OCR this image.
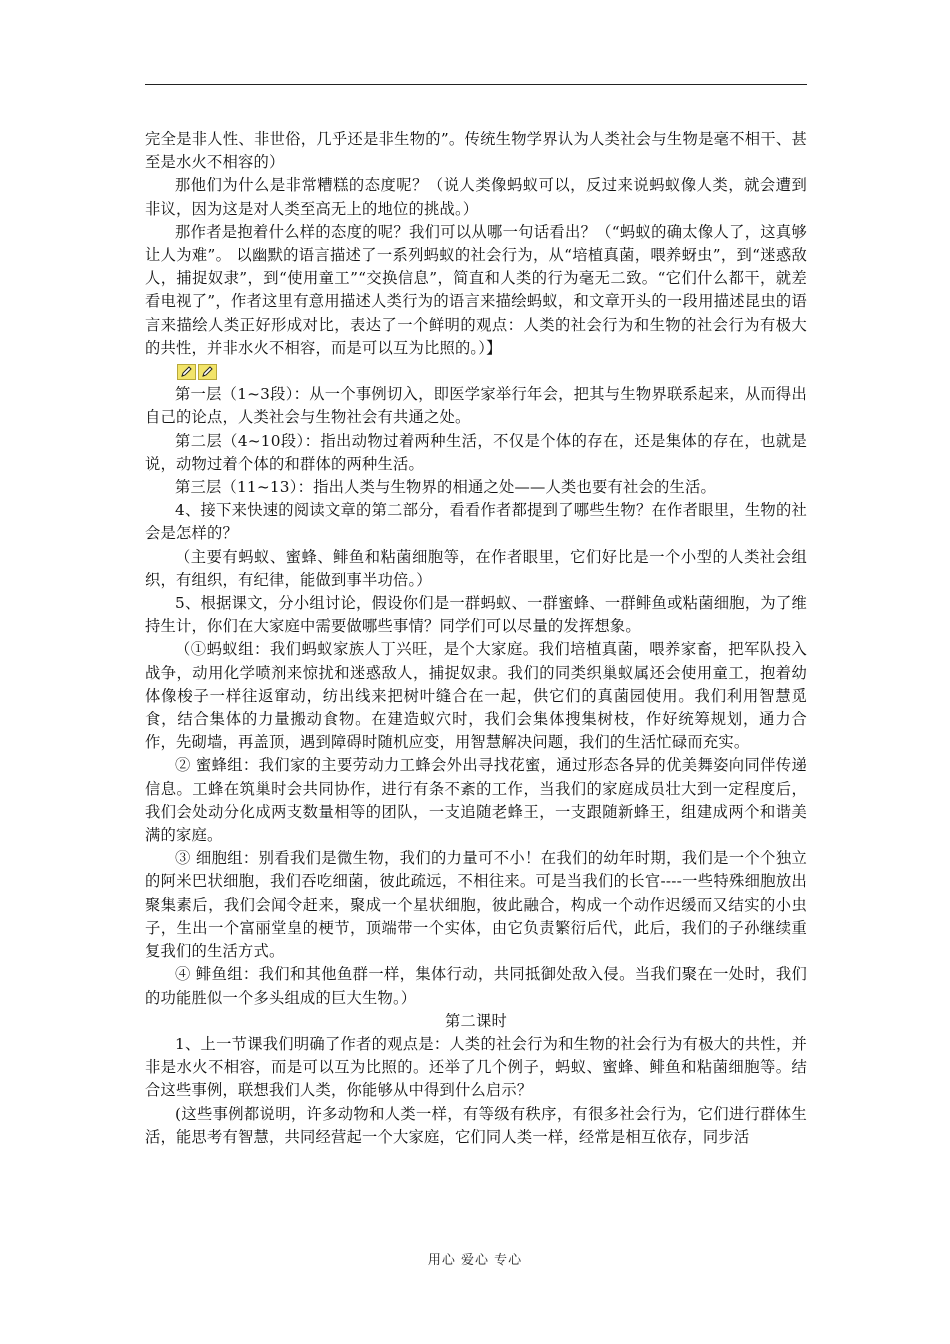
完全是非人性、非世俗，几乎还是非生物的”。传统生物学界认为人类社会与生物是毫不相干、甚至是水火不相容的）

那他们为什么是非常糟糕的态度呢？（说人类像蚂蚁可以，反过来说蚂蚁像人类，就会遭到非议，因为这是对人类至高无上的地位的挑战。）

那作者是抱着什么样的态度的呢？我们可以从哪一句话看出？（“蚂蚁的确太像人了，这真够让人为难”。 以幽默的语言描述了一系列蚂蚁的社会行为，从“培植真菌，喂养蚜虫”，到“迷惑敌人，捕捉奴隶”，到“使用童工”“交换信息”，简直和人类的行为毫无二致。“它们什么都干，就差看电视了”，作者这里有意用描述人类行为的语言来描绘蚂蚁，和文章开头的一段用描述昆虫的语言来描绘人类正好形成对比，表达了一个鲜明的观点：人类的社会行为和生物的社会行为有极大的共性，并非水火不相容，而是可以互为比照的。）】

第一层（1~3段）：从一个事例切入，即医学家举行年会，把其与生物界联系起来，从而得出自己的论点，人类社会与生物社会有共通之处。

第二层（4~10段）：指出动物过着两种生活，不仅是个体的存在，还是集体的存在，也就是说，动物过着个体的和群体的两种生活。

第三层（11~13）：指出人类与生物界的相通之处——人类也要有社会的生活。

4、接下来快速的阅读文章的第二部分，看看作者都提到了哪些生物？在作者眼里，生物的社会是怎样的？

（主要有蚂蚁、蜜蜂、鲱鱼和粘菌细胞等，在作者眼里，它们好比是一个小型的人类社会组织，有组织，有纪律，能做到事半功倍。）

5、根据课文，分小组讨论，假设你们是一群蚂蚁、一群蜜蜂、一群鲱鱼或粘菌细胞，为了维持生计，你们在大家庭中需要做哪些事情？同学们可以尽量的发挥想象。

（①蚂蚁组：我们蚂蚁家族人丁兴旺，是个大家庭。我们培植真菌，喂养家畜，把军队投入战争，动用化学喷剂来惊扰和迷惑敌人，捕捉奴隶。我们的同类织巢蚁属还会使用童工，抱着幼体像梭子一样往返窜动，纺出线来把树叶缝合在一起，供它们的真菌园使用。我们利用智慧觅食，结合集体的力量搬动食物。在建造蚁穴时，我们会集体搜集树枝，作好统筹规划，通力合作，先砌墙，再盖顶，遇到障碍时随机应变，用智慧解决问题，我们的生活忙碌而充实。

② 蜜蜂组：我们家的主要劳动力工蜂会外出寻找花蜜，通过形态各异的优美舞姿向同伴传递信息。工蜂在筑巢时会共同协作，进行有条不紊的工作，当我们的家庭成员壮大到一定程度后，我们会处动分化成两支数量相等的团队，一支追随老蜂王，一支跟随新蜂王，组建成两个和谐美满的家庭。

③ 细胞组：别看我们是微生物，我们的力量可不小！在我们的幼年时期，我们是一个个独立的阿米巴状细胞，我们吞吃细菌，彼此疏远，不相往来。可是当我们的长官----一些特殊细胞放出聚集素后，我们会闻令赶来，聚成一个星状细胞，彼此融合，构成一个动作迟缓而又结实的小虫子，生出一个富丽堂皇的梗节，顶端带一个实体，由它负责繁衍后代，此后，我们的子孙继续重复我们的生活方式。

④ 鲱鱼组：我们和其他鱼群一样，集体行动，共同抵御处敌入侵。当我们聚在一处时，我们的功能胜似一个多头组成的巨大生物。）

第二课时

1、上一节课我们明确了作者的观点是：人类的社会行为和生物的社会行为有极大的共性，并非是水火不相容，而是可以互为比照的。还举了几个例子，蚂蚁、蜜蜂、鲱鱼和粘菌细胞等。结合这些事例，联想我们人类，你能够从中得到什么启示？

(这些事例都说明，许多动物和人类一样，有等级有秩序，有很多社会行为，它们进行群体生活，能思考有智慧，共同经营起一个大家庭，它们同人类一样，经常是相互依存，同步活

用心 爱心 专心
